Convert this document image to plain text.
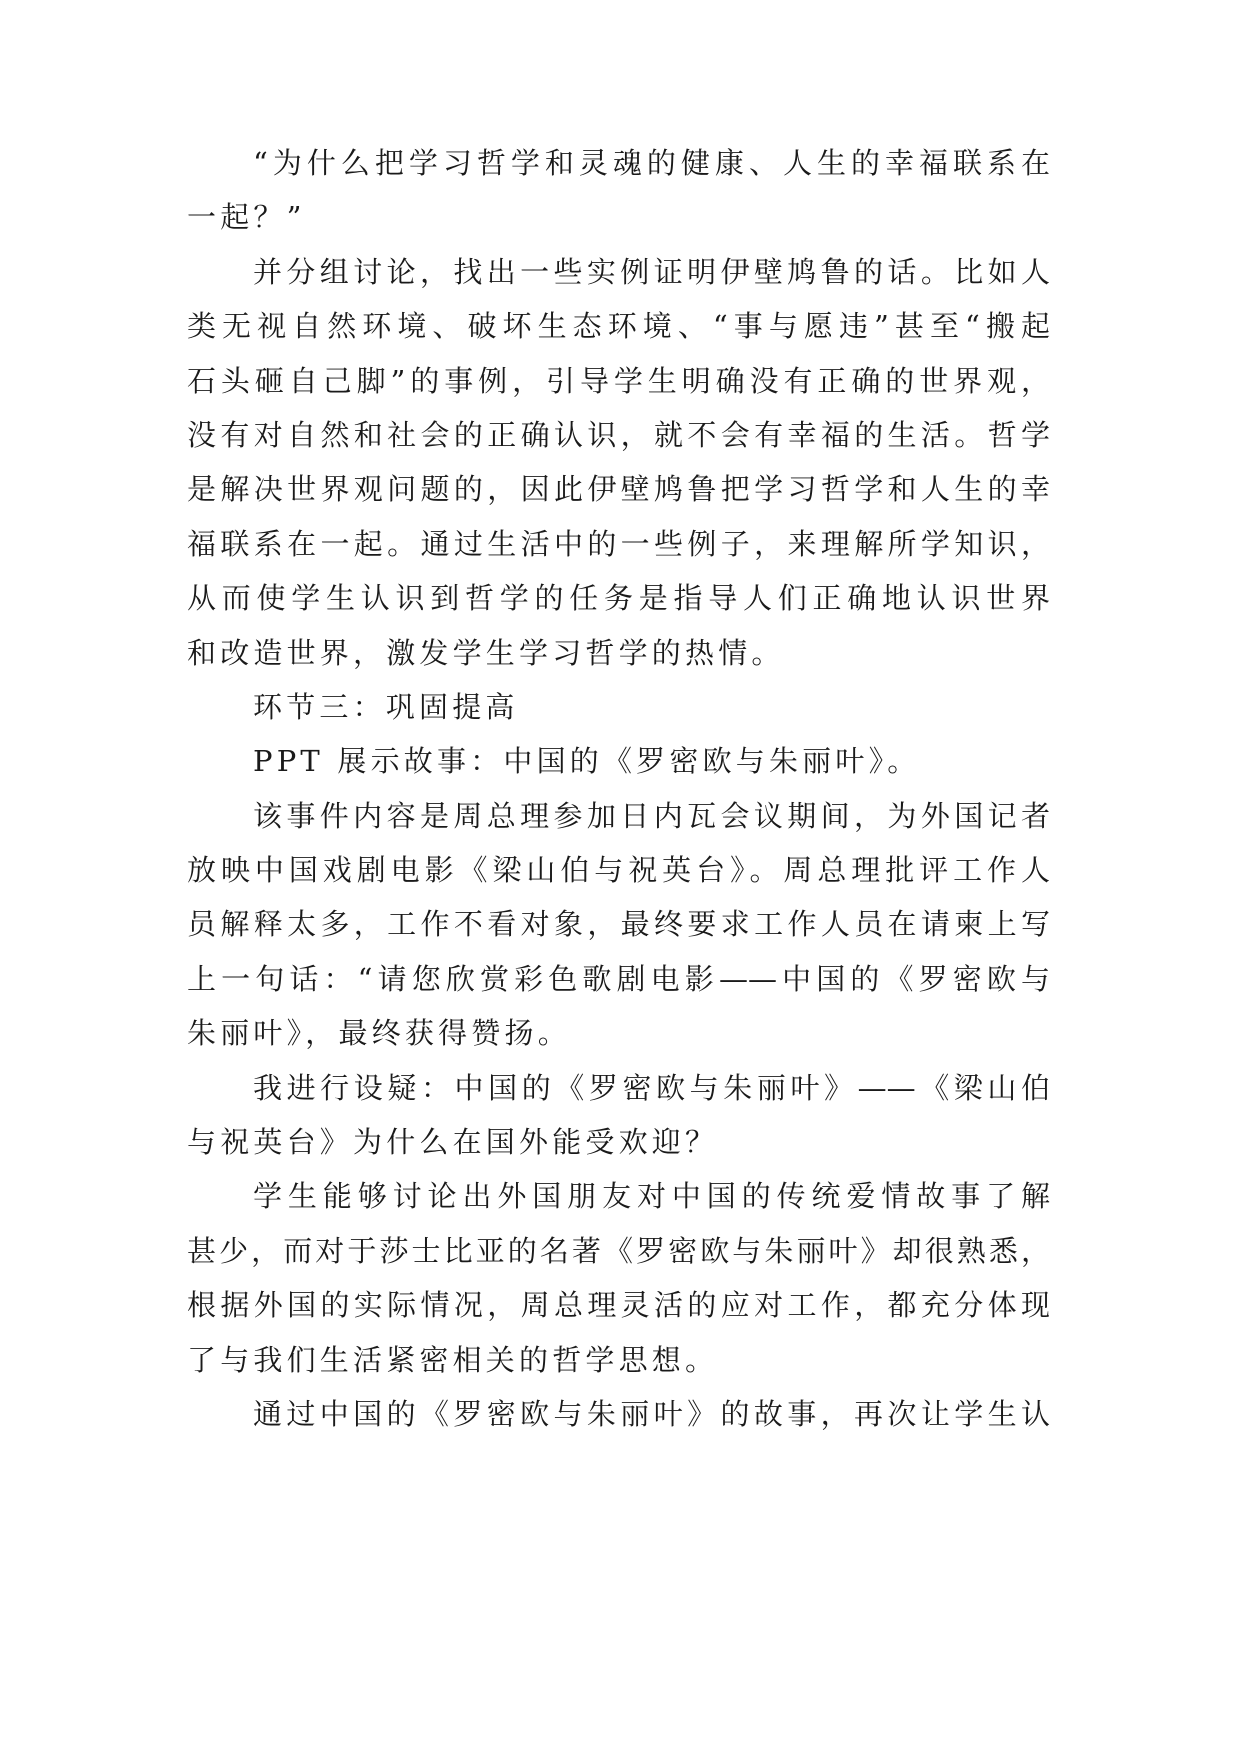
“为什么把学习哲学和灵魂的健康、人生的幸福联系在
一起？”
并分组讨论，找出一些实例证明伊壁鸠鲁的话。比如人
类无视自然环境、破坏生态环境、“事与愿违”甚至“搬起
石头砸自己脚”的事例，引导学生明确没有正确的世界观，
没有对自然和社会的正确认识，就不会有幸福的生活。哲学
是解决世界观问题的，因此伊壁鸠鲁把学习哲学和人生的幸
福联系在一起。通过生活中的一些例子，来理解所学知识，
从而使学生认识到哲学的任务是指导人们正确地认识世界
和改造世界，激发学生学习哲学的热情。
环节三：巩固提高
PPT 展示故事：中国的《罗密欧与朱丽叶》。
该事件内容是周总理参加日内瓦会议期间，为外国记者
放映中国戏剧电影《梁山伯与祝英台》。周总理批评工作人
员解释太多，工作不看对象，最终要求工作人员在请柬上写
上一句话：“请您欣赏彩色歌剧电影——中国的《罗密欧与
朱丽叶》，最终获得赞扬。
我进行设疑：中国的《罗密欧与朱丽叶》——《梁山伯
与祝英台》为什么在国外能受欢迎？
学生能够讨论出外国朋友对中国的传统爱情故事了解
甚少，而对于莎士比亚的名著《罗密欧与朱丽叶》却很熟悉，
根据外国的实际情况，周总理灵活的应对工作，都充分体现
了与我们生活紧密相关的哲学思想。
通过中国的《罗密欧与朱丽叶》的故事，再次让学生认
